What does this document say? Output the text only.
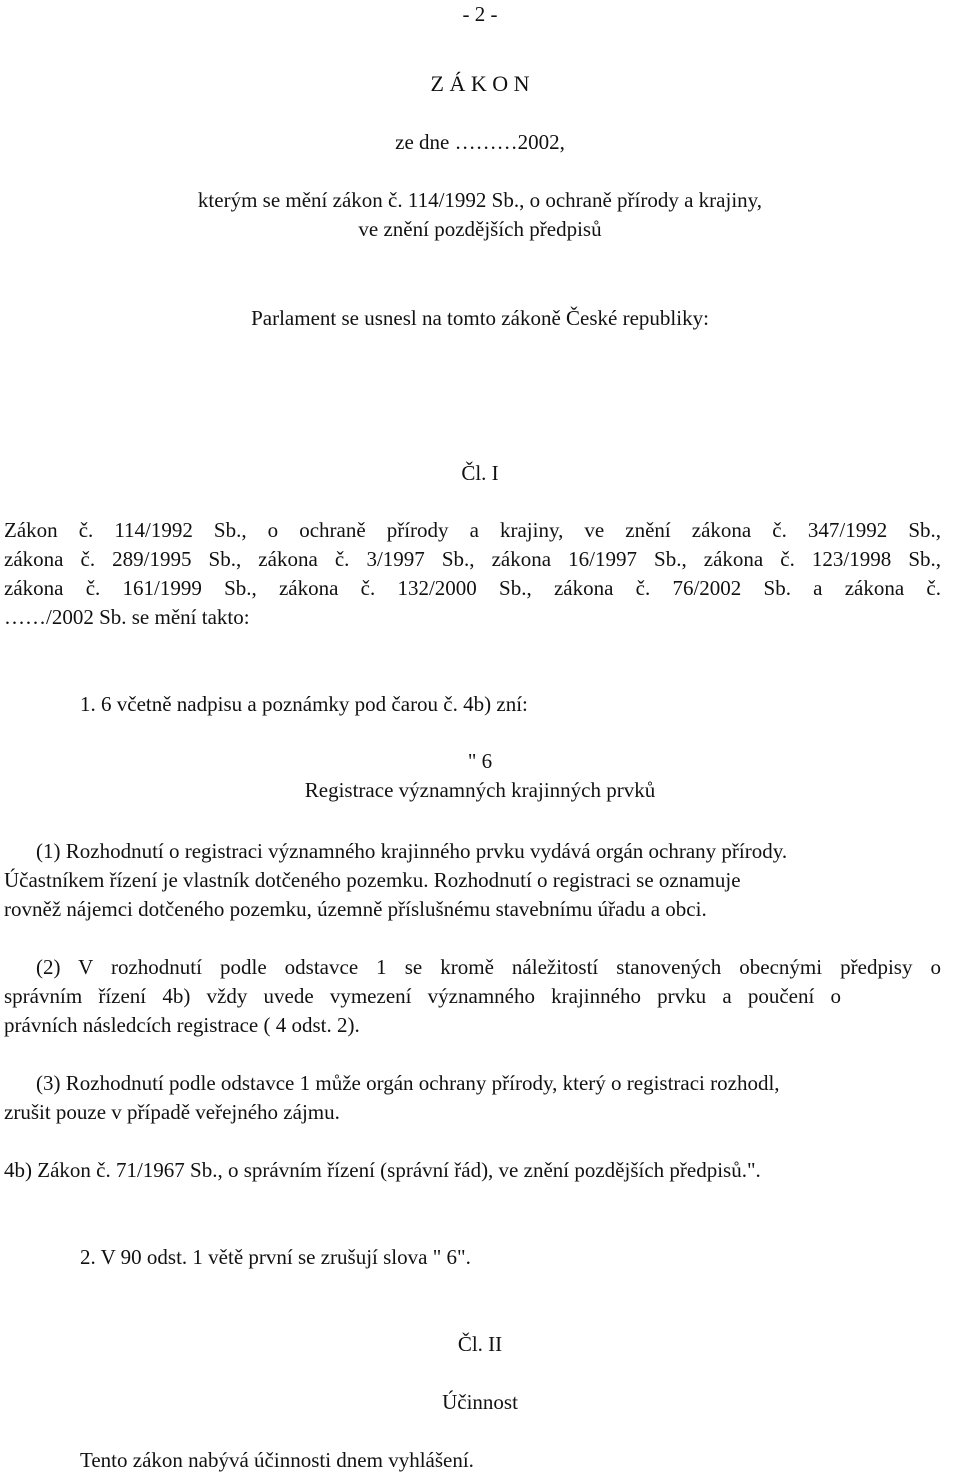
- 2 -
Z Á K O N
ze dne ………2002,
kterým se mění zákon č. 114/1992 Sb., o ochraně přírody a krajiny,
ve znění pozdějších předpisů
Parlament se usnesl na tomto zákoně České republiky:
Čl. I
Zákon č. 114/1992 Sb., o ochraně přírody a krajiny, ve znění zákona č. 347/1992 Sb.,
zákona č. 289/1995 Sb., zákona č. 3/1997 Sb., zákona 16/1997 Sb., zákona č. 123/1998 Sb.,
zákona č. 161/1999 Sb., zákona č. 132/2000 Sb., zákona č. 76/2002 Sb. a zákona č.
……/2002 Sb. se mění takto:
1. 6 včetně nadpisu a poznámky pod čarou č. 4b) zní:
" 6
Registrace významných krajinných prvků
(1) Rozhodnutí o registraci významného krajinného prvku vydává orgán ochrany přírody.
Účastníkem řízení je vlastník dotčeného pozemku. Rozhodnutí o registraci se oznamuje
rovněž nájemci dotčeného pozemku, územně příslušnému stavebnímu úřadu a obci.
(2) V rozhodnutí podle odstavce 1 se kromě náležitostí stanovených obecnými předpisy o
správním řízení 4b) vždy uvede vymezení významného krajinného prvku a poučení o
právních následcích registrace ( 4 odst. 2).
(3) Rozhodnutí podle odstavce 1 může orgán ochrany přírody, který o registraci rozhodl,
zrušit pouze v případě veřejného zájmu.
4b) Zákon č. 71/1967 Sb., o správním řízení (správní řád), ve znění pozdějších předpisů.".
2. V 90 odst. 1 větě první se zrušují slova " 6".
Čl. II
Účinnost
Tento zákon nabývá účinnosti dnem vyhlášení.
